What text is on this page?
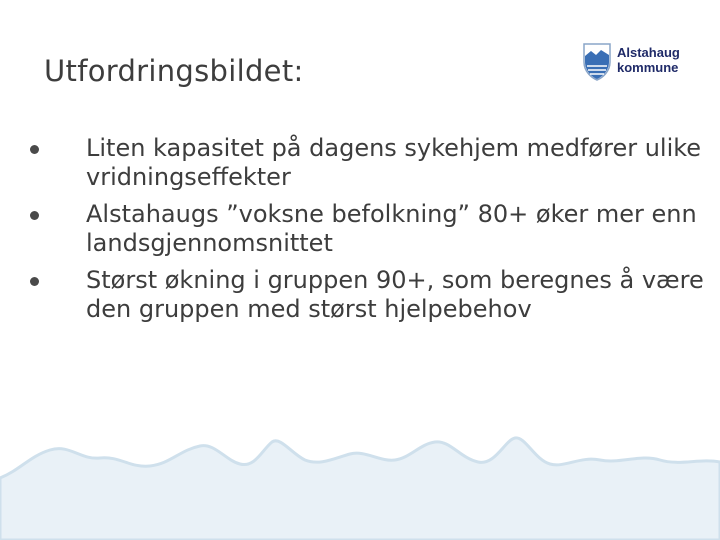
Utfordringsbildet:
Alstahaug
kommune
Liten kapasitet på dagens sykehjem medfører ulike vridningseffekter
Alstahaugs ”voksne befolkning” 80+ øker mer enn landsgjennomsnittet
Størst økning i gruppen 90+, som beregnes å være den gruppen med størst hjelpebehov
